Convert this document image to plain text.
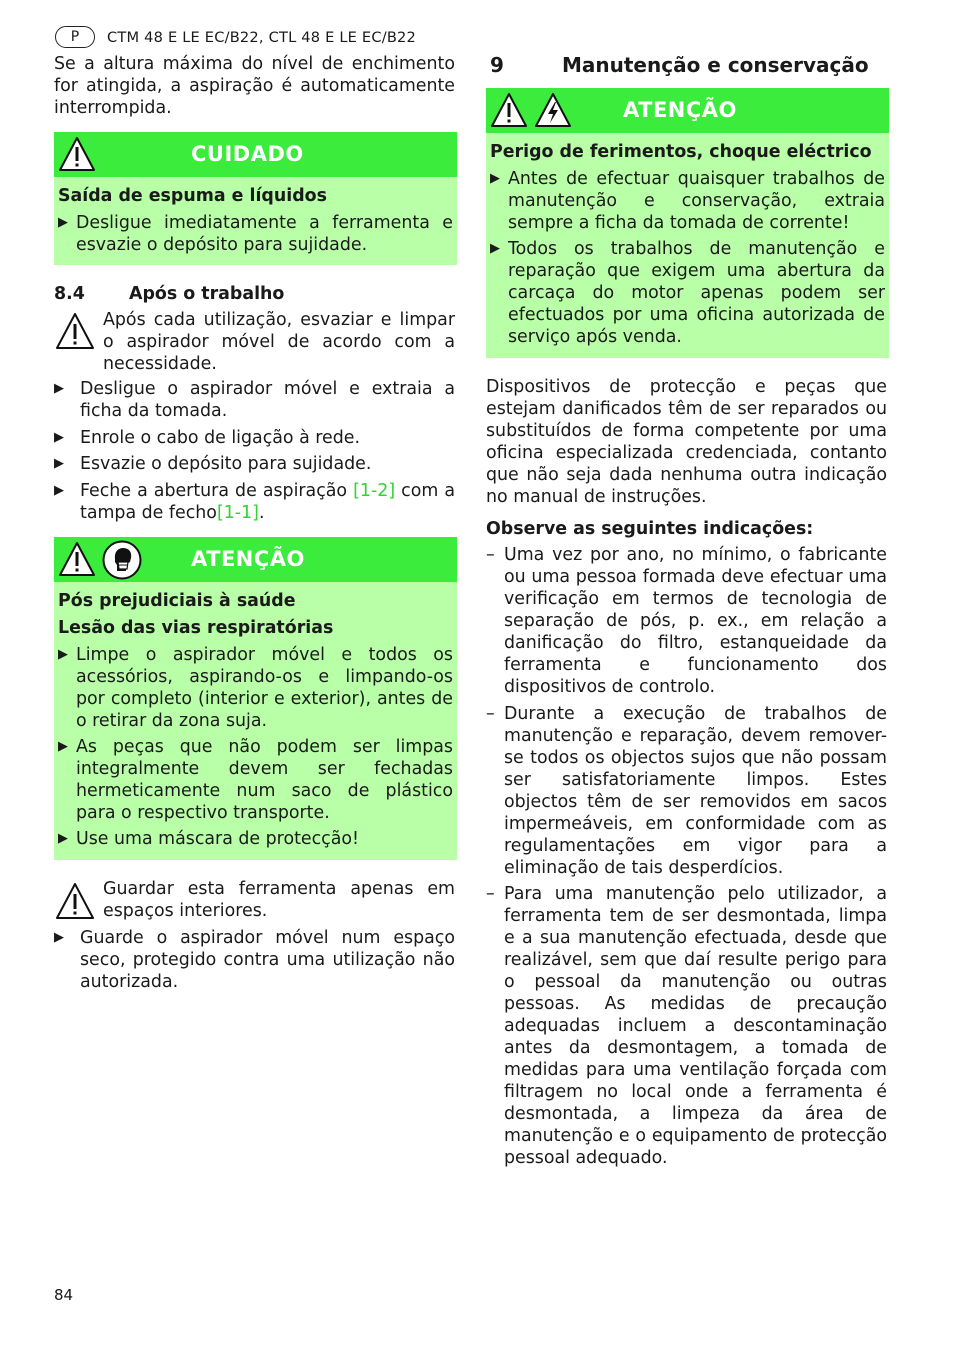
P	CTM 48 E LE EC/B22, CTL 48 E LE EC/B22

Se a altura máxima do nível de enchimento for atingida, a aspiração é automaticamente interrompida.

CUIDADO
Saída de espuma e líquidos
▶ Desligue imediatamente a ferramenta e esvazie o depósito para sujidade.
8.4	Após o trabalho

Após cada utilização, esvaziar e limpar o aspirador móvel de acordo com a necessidade.

▶ Desligue o aspirador móvel e extraia a ficha da tomada.
▶ Enrole o cabo de ligação à rede.
▶ Esvazie o depósito para sujidade.
▶ Feche a abertura de aspiração [1-2] com a tampa de fecho[1-1].
ATENÇÃO
Pós prejudiciais à saúde
Lesão das vias respiratórias
▶ Limpe o aspirador móvel e todos os acessórios, aspirando-os e limpando-os por completo (interior e exterior), antes de o retirar da zona suja.
▶ As peças que não podem ser limpas integralmente devem ser fechadas hermeticamente num saco de plástico para o respectivo transporte.
▶ Use uma máscara de protecção!

Guardar esta ferramenta apenas em espaços interiores.

▶ Guarde o aspirador móvel num espaço seco, protegido contra uma utilização não autorizada.
9	Manutenção e conservação
ATENÇÃO
Perigo de ferimentos, choque eléctrico
▶ Antes de efectuar quaisquer trabalhos de manutenção e conservação, extraia sempre a ficha da tomada de corrente!
▶ Todos os trabalhos de manutenção e reparação que exigem uma abertura da carcaça do motor apenas podem ser efectuados por uma oficina autorizada de serviço após venda.

Dispositivos de protecção e peças que estejam danificados têm de ser reparados ou substituídos de forma competente por uma oficina especializada credenciada, contanto que não seja dada nenhuma outra indicação no manual de instruções.

Observe as seguintes indicações:
– Uma vez por ano, no mínimo, o fabricante ou uma pessoa formada deve efectuar uma verificação em termos de tecnologia de separação de pós, p. ex., em relação a danificação do filtro, estanqueidade da ferramenta e funcionamento dos dispositivos de controlo.
– Durante a execução de trabalhos de manutenção e reparação, devem remover-se todos os objectos sujos que não possam ser satisfatoriamente limpos. Estes objectos têm de ser removidos em sacos impermeáveis, em conformidade com as regulamentações em vigor para a eliminação de tais desperdícios.
– Para uma manutenção pelo utilizador, a ferramenta tem de ser desmontada, limpa e a sua manutenção efectuada, desde que realizável, sem que daí resulte perigo para o pessoal da manutenção ou outras pessoas. As medidas de precaução adequadas incluem a descontaminação antes da desmontagem, a tomada de medidas para uma ventilação forçada com filtragem no local onde a ferramenta é desmontada, a limpeza da área de manutenção e o equipamento de protecção pessoal adequado.
84
